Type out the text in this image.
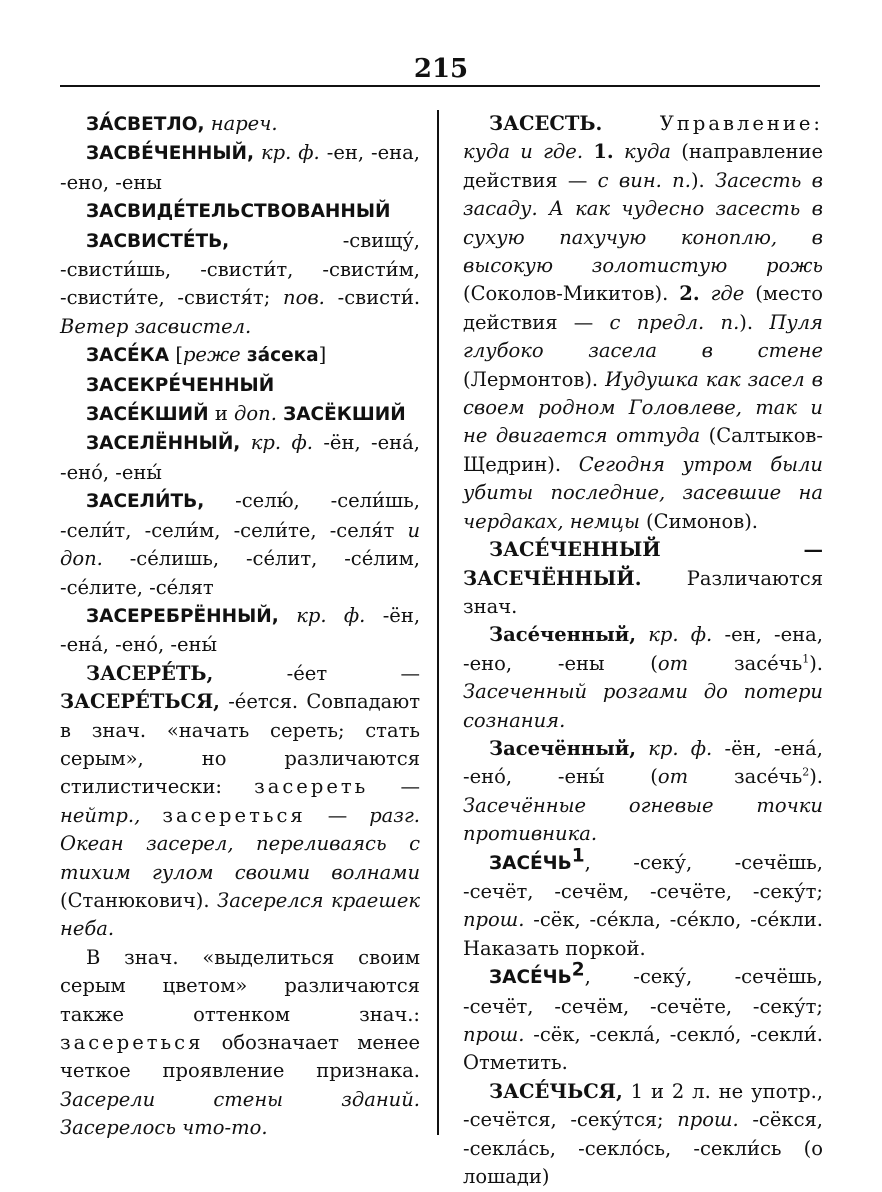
215

ЗА́СВЕТЛО, нареч.

ЗАСВЕ́ЧЕННЫЙ, кр. ф. -ен, -ена, -ено, -ены

ЗАСВИДЕ́ТЕЛЬСТВОВАННЫЙ

ЗАСВИСТЕ́ТЬ,	-свищу́, -свисти́шь, -свисти́т, -свисти́м, -свисти́те, -свистя́т; пов. -свисти́. Ветер засвистел.

ЗАСЕ́КА [реже за́сека]

ЗАСЕКРЕ́ЧЕННЫЙ

ЗАСЕ́КШИЙ и доп. ЗАСЁКШИЙ

ЗАСЕЛЁННЫЙ, кр. ф. -ён, -ена́, -ено́, -ены́

ЗАСЕЛИ́ТЬ, -селю́, -сели́шь, -сели́т, -сели́м, -сели́те, -селя́т и доп. -се́лишь, -се́лит, -се́лим, -се́лите, -се́лят

ЗАСЕРЕБРЁННЫЙ, кр. ф. -ён, -ена́, -ено́, -ены́

ЗАСЕРЕ́ТЬ,	-е́ет — ЗАСЕРЕ́ТЬСЯ, -е́ется. Совпадают в знач. «начать сереть; стать серым», но различаются стилистически: засереть — нейтр., засереться — разг. Океан засерел, переливаясь с тихим гулом своими волнами (Станюкович). Засерелся краешек неба.

В знач. «выделиться своим серым цветом» различаются также оттенком знач.: засереться обозначает менее четкое проявление признака. Засерели стены зданий. Засерелось что-то.

ЗАСЕСТЬ.	Управление: куда и где. 1. куда (направление действия — с вин. п.). Засесть в засаду. А как чудесно засесть в сухую пахучую коноплю, в высокую золотистую рожь (Соколов-Микитов). 2. где (место действия — с предл. п.). Пуля глубоко засела в стене (Лермонтов). Иудушка как засел в своем родном Головлеве, так и не двигается оттуда (Салтыков-Щедрин). Сегодня утром были убиты последние, засевшие на чердаках, немцы (Симонов).

ЗАСЕ́ЧЕННЫЙ — ЗАСЕЧЁННЫЙ. Различаются знач.

Засе́ченный, кр. ф. -ен, -ена, -ено, -ены (от $засе́чь^1$). Засеченный розгами до потери сознания.

Засечённый, кр. ф. -ён, -ена́, -ено́, -ены́ (от $засе́чь^2$). Засечённые огневые точки противника.

$ЗАСЕ́ЧЬ^1$, -секу́, -сечёшь, -сечёт, -сечём, -сечёте, -секу́т; прош. -сёк, -се́кла, -се́кло, -се́кли. Наказать поркой.

$ЗАСЕ́ЧЬ^2$, -секу́, -сечёшь, -сечёт, -сечём, -сечёте, -секу́т; прош. -сёк, -секла́, -секло́, -секли́. Отметить.

ЗАСЕ́ЧЬСЯ, 1 и 2 л. не употр., -сечётся, -секу́тся; прош. -сёкся, -секла́сь, -секло́сь, -секли́сь (о лошади)
